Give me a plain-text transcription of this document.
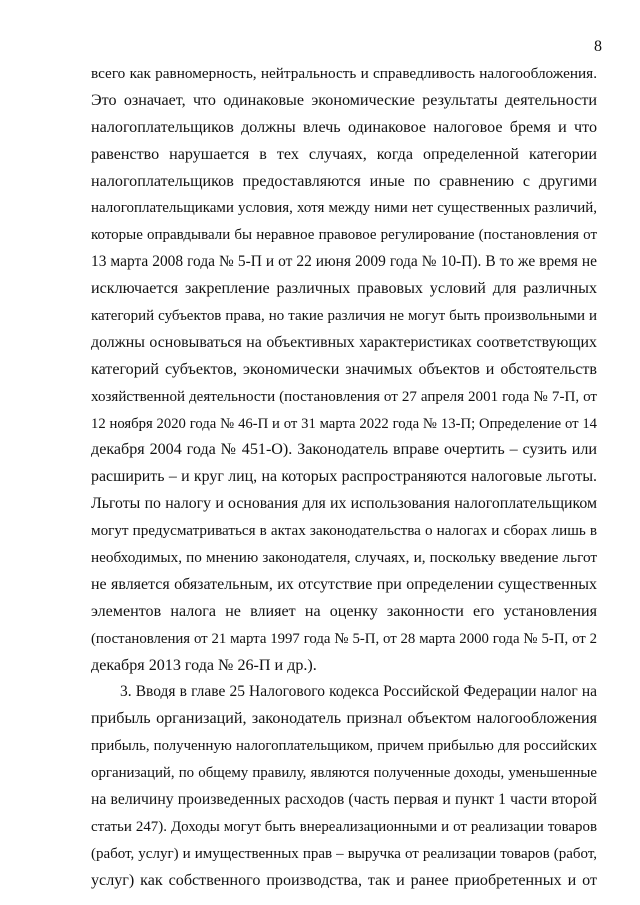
8
всего как равномерность, нейтральность и справедливость налогообложения.
Это означает, что одинаковые экономические результаты деятельности
налогоплательщиков должны влечь одинаковое налоговое бремя и что
равенство нарушается в тех случаях, когда определенной категории
налогоплательщиков предоставляются иные по сравнению с другими
налогоплательщиками условия, хотя между ними нет существенных различий,
которые оправдывали бы неравное правовое регулирование (постановления от
13 марта 2008 года № 5-П и от 22 июня 2009 года № 10-П). В то же время не
исключается закрепление различных правовых условий для различных
категорий субъектов права, но такие различия не могут быть произвольными и
должны основываться на объективных характеристиках соответствующих
категорий субъектов, экономически значимых объектов и обстоятельств
хозяйственной деятельности (постановления от 27 апреля 2001 года № 7-П, от
12 ноября 2020 года № 46-П и от 31 марта 2022 года № 13-П; Определение от 14
декабря 2004 года № 451-О). Законодатель вправе очертить – сузить или
расширить – и круг лиц, на которых распространяются налоговые льготы.
Льготы по налогу и основания для их использования налогоплательщиком
могут предусматриваться в актах законодательства о налогах и сборах лишь в
необходимых, по мнению законодателя, случаях, и, поскольку введение льгот
не является обязательным, их отсутствие при определении существенных
элементов налога не влияет на оценку законности его установления
(постановления от 21 марта 1997 года № 5-П, от 28 марта 2000 года № 5-П, от 2
декабря 2013 года № 26-П и др.).
3. Вводя в главе 25 Налогового кодекса Российской Федерации налог на
прибыль организаций, законодатель признал объектом налогообложения
прибыль, полученную налогоплательщиком, причем прибылью для российских
организаций, по общему правилу, являются полученные доходы, уменьшенные
на величину произведенных расходов (часть первая и пункт 1 части второй
статьи 247). Доходы могут быть внереализационными и от реализации товаров
(работ, услуг) и имущественных прав – выручка от реализации товаров (работ,
услуг) как собственного производства, так и ранее приобретенных и от
